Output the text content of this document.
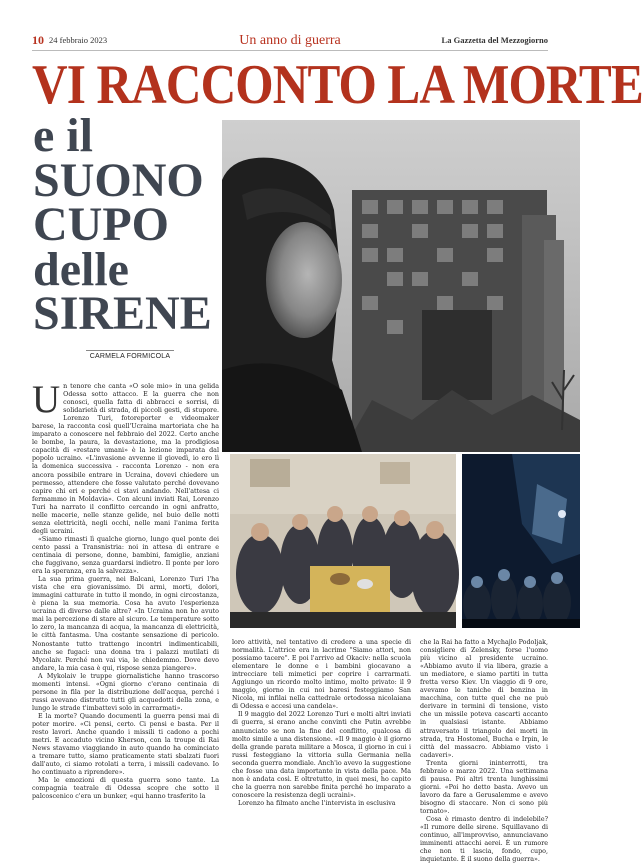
10 24 febbraio 2023	Un anno di guerra	La Gazzetta del Mezzogiorno
VI RACCONTO LA MORTE
e il
SUONO
CUPO
delle
SIRENE
CARMELA FORMICOLA
U n tenore che canta «O sole mio» in una gelida Odessa sotto attacco. E la guerra che non conosci, quella fatta di abbracci e sorrisi, di solidarietà di strada, di piccoli gesti, di stupore. Lorenzo Turi, fotoreporter e videomaker barese, la racconta così quell'Ucraina martoriata che ha imparato a conoscere nel febbraio del 2022. Certo anche le bombe, la paura, la devastazione, ma la prodigiosa capacità di «restare umani» è la lezione imparata dal popolo ucraino. «L'invasione avvenne il giovedì, io ero lì la domenica successiva - racconta Lorenzo - non era ancora possibile entrare in Ucraina, dovevi chiedere un permesso, attendere che fosse valutato perché dovevano capire chi eri e perché ci stavi andando. Nell'attesa ci fermammo in Moldavia». Con alcuni inviati Rai, Lorenzo Turi ha narrato il conflitto cercando in ogni anfratto, nelle macerie, nelle stanze gelide, nel buio delle notti senza elettricità, negli occhi, nelle mani l'anima ferita degli ucraini.

«Siamo rimasti lì qualche giorno, lungo quel ponte dei cento passi a Transnistria: noi in attesa di entrare e centinaia di persone, donne, bambini, famiglie, anziani che fuggivano, senza guardarsi indietro. Il ponte per loro era la speranza, era la salvezza».

La sua prima guerra, nei Balcani, Lorenzo Turi l'ha vista che era giovanissimo. Di armi, morti, dolori, immagini catturate in tutto il mondo, in ogni circostanza, è piena la sua memoria. Cosa ha avuto l'esperienza ucraina di diverso dalle altre? «In Ucraina non ho avuto mai la percezione di stare al sicuro. Le temperature sotto lo zero, la mancanza di acqua, la mancanza di elettricità, le città fantasma. Una costante sensazione di pericolo. Nonostante tutto trattengo incontri indimenticabili, anche se fugaci: una donna tra i palazzi mutilati di Mycolaiv. Perché non vai via, le chiedemmo. Dove devo andare, la mia casa è qui, rispose senza piangere».

A Mykolaiv le truppe giornalistiche hanno trascorso momenti intensi. «Ogni giorno c'erano centinaia di persone in fila per la distribuzione dell'acqua, perché i russi avevano distrutto tutti gli acquedotti della zona, e lungo le strade t'imbattevi solo in carrarmati».

E la morte? Quando documenti la guerra pensi mai di poter morire. «Ci pensi, certo. Ci pensi e basta. Per il resto lavori. Anche quando i missili ti cadono a pochi metri. E accaduto vicino Kherson, con la troupe di Rai News stavamo viaggiando in auto quando ha cominciato a tremare tutto, siamo praticamente stati sbalzati fuori dall'auto, ci siamo rotolati a terra, i missili cadevano. Io ho continuato a riprendere».

Ma le emozioni di questa guerra sono tante. La compagnia teatrale di Odessa scopre che sotto il palcoscenico c'era un bunker, «qui hanno trasferito la

loro attività, nel tentativo di credere a una specie di normalità. L'attrice era in lacrime "Siamo attori, non possiamo tacere". E poi l'arrivo ad Okaciv: nella scuola elementare le donne e i bambini giocavano a intrecciare teli mimetici per coprire i carrarmati. Aggiungo un ricordo molto intimo, molto privato: il 9 maggio, giorno in cui noi baresi festeggiamo San Nicola, mi infilai nella cattedrale ortodossa nicolaiana di Odessa e accesi una candela».

Il 9 maggio del 2022 Lorenzo Turi e molti altri inviati di guerra, si erano anche convinti che Putin avrebbe annunciato se non la fine del conflitto, qualcosa di molto simile a una distensione. «Il 9 maggio è il giorno della grande parata militare a Mosca, il giorno in cui i russi festeggiano la vittoria sulla Germania nella seconda guerra mondiale. Anch'io avevo la suggestione che fosse una data importante in vista della pace. Ma non è andata così. E oltretutto, in quei mesi, ho capito che la guerra non sarebbe finita perché ho imparato a conoscere la resistenza degli ucraini».

Lorenzo ha filmato anche l'intervista in esclusiva

che la Rai ha fatto a Mychajlo Podoljak, consigliere di Zelensky, forse l'uomo più vicino al presidente ucraino. «Abbiamo avuto il via libera, grazie a un mediatore, e siamo partiti in tutta fretta verso Kiev. Un viaggio di 9 ore, avevamo le taniche di benzina in macchina, con tutte quel che ne può derivare in termini di tensione, visto che un missile poteva cascarti accanto in qualsiasi istante. Abbiamo attraversato il triangolo dei morti in strada, tra Hostomel, Bucha e Irpin, le città del massacro. Abbiamo visto i cadaveri».

Trenta giorni ininterrotti, tra febbraio e marzo 2022. Una settimana di pausa. Poi altri trenta lunghissimi giorni. «Poi ho detto basta. Avevo un lavoro da fare a Gerusalemme e avevo bisogno di staccare. Non ci sono più tornato».

Cosa è rimasto dentro di indelebile? «Il rumore delle sirene. Squillavano di continuo, all'improvviso, annunciavano imminenti attacchi aerei. È un rumore che non ti lascia, fondo, cupo, inquietante. È il suono della guerra».
